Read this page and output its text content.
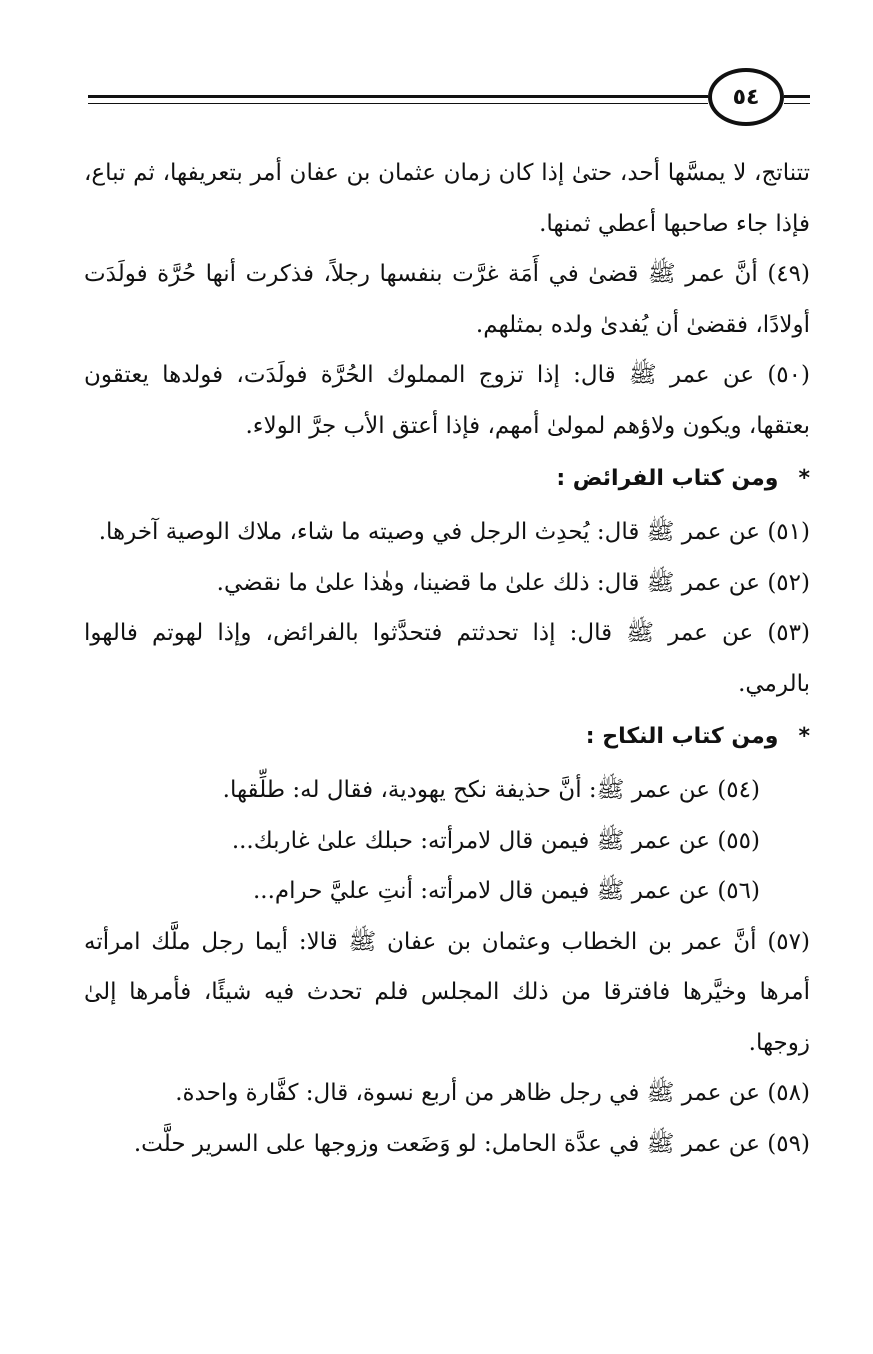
٥٤

تتناتج، لا يمسَّها أحد، حتىٰ إذا كان زمان عثمان بن عفان أمر بتعريفها، ثم تباع، فإذا جاء صاحبها أعطي ثمنها.

(٤٩) أنَّ عمر ﷺ قضىٰ في أَمَة غرَّت بنفسها رجلاً، فذكرت أنها حُرَّة فولَدَت أولادًا، فقضىٰ أن يُفدىٰ ولده بمثلهم.

(٥٠) عن عمر ﷺ قال: إذا تزوج المملوك الحُرَّة فولَدَت، فولدها يعتقون بعتقها، ويكون ولاؤهم لمولىٰ أمهم، فإذا أعتق الأب جرَّ الولاء.

*ومن كتاب الفرائض :

(٥١) عن عمر ﷺ قال: يُحدِث الرجل في وصيته ما شاء، ملاك الوصية آخرها.

(٥٢) عن عمر ﷺ قال: ذلك علىٰ ما قضينا، وهٰذا علىٰ ما نقضي.

(٥٣) عن عمر ﷺ قال: إذا تحدثتم فتحدَّثوا بالفرائض، وإذا لهوتم فالهوا بالرمي.

*ومن كتاب النكاح :

(٥٤) عن عمر ﷺ: أنَّ حذيفة نكح يهودية، فقال له: طلِّقها.

(٥٥) عن عمر ﷺ فيمن قال لامرأته: حبلك علىٰ غاربك...

(٥٦) عن عمر ﷺ فيمن قال لامرأته: أنتِ عليَّ حرام...

(٥٧) أنَّ عمر بن الخطاب وعثمان بن عفان ﷺ قالا: أيما رجل ملَّك امرأته أمرها وخيَّرها فافترقا من ذلك المجلس فلم تحدث فيه شيئًا، فأمرها إلىٰ زوجها.

(٥٨) عن عمر ﷺ في رجل ظاهر من أربع نسوة، قال: كفَّارة واحدة.

(٥٩) عن عمر ﷺ في عدَّة الحامل: لو وَضَعت وزوجها على السرير حلَّت.
